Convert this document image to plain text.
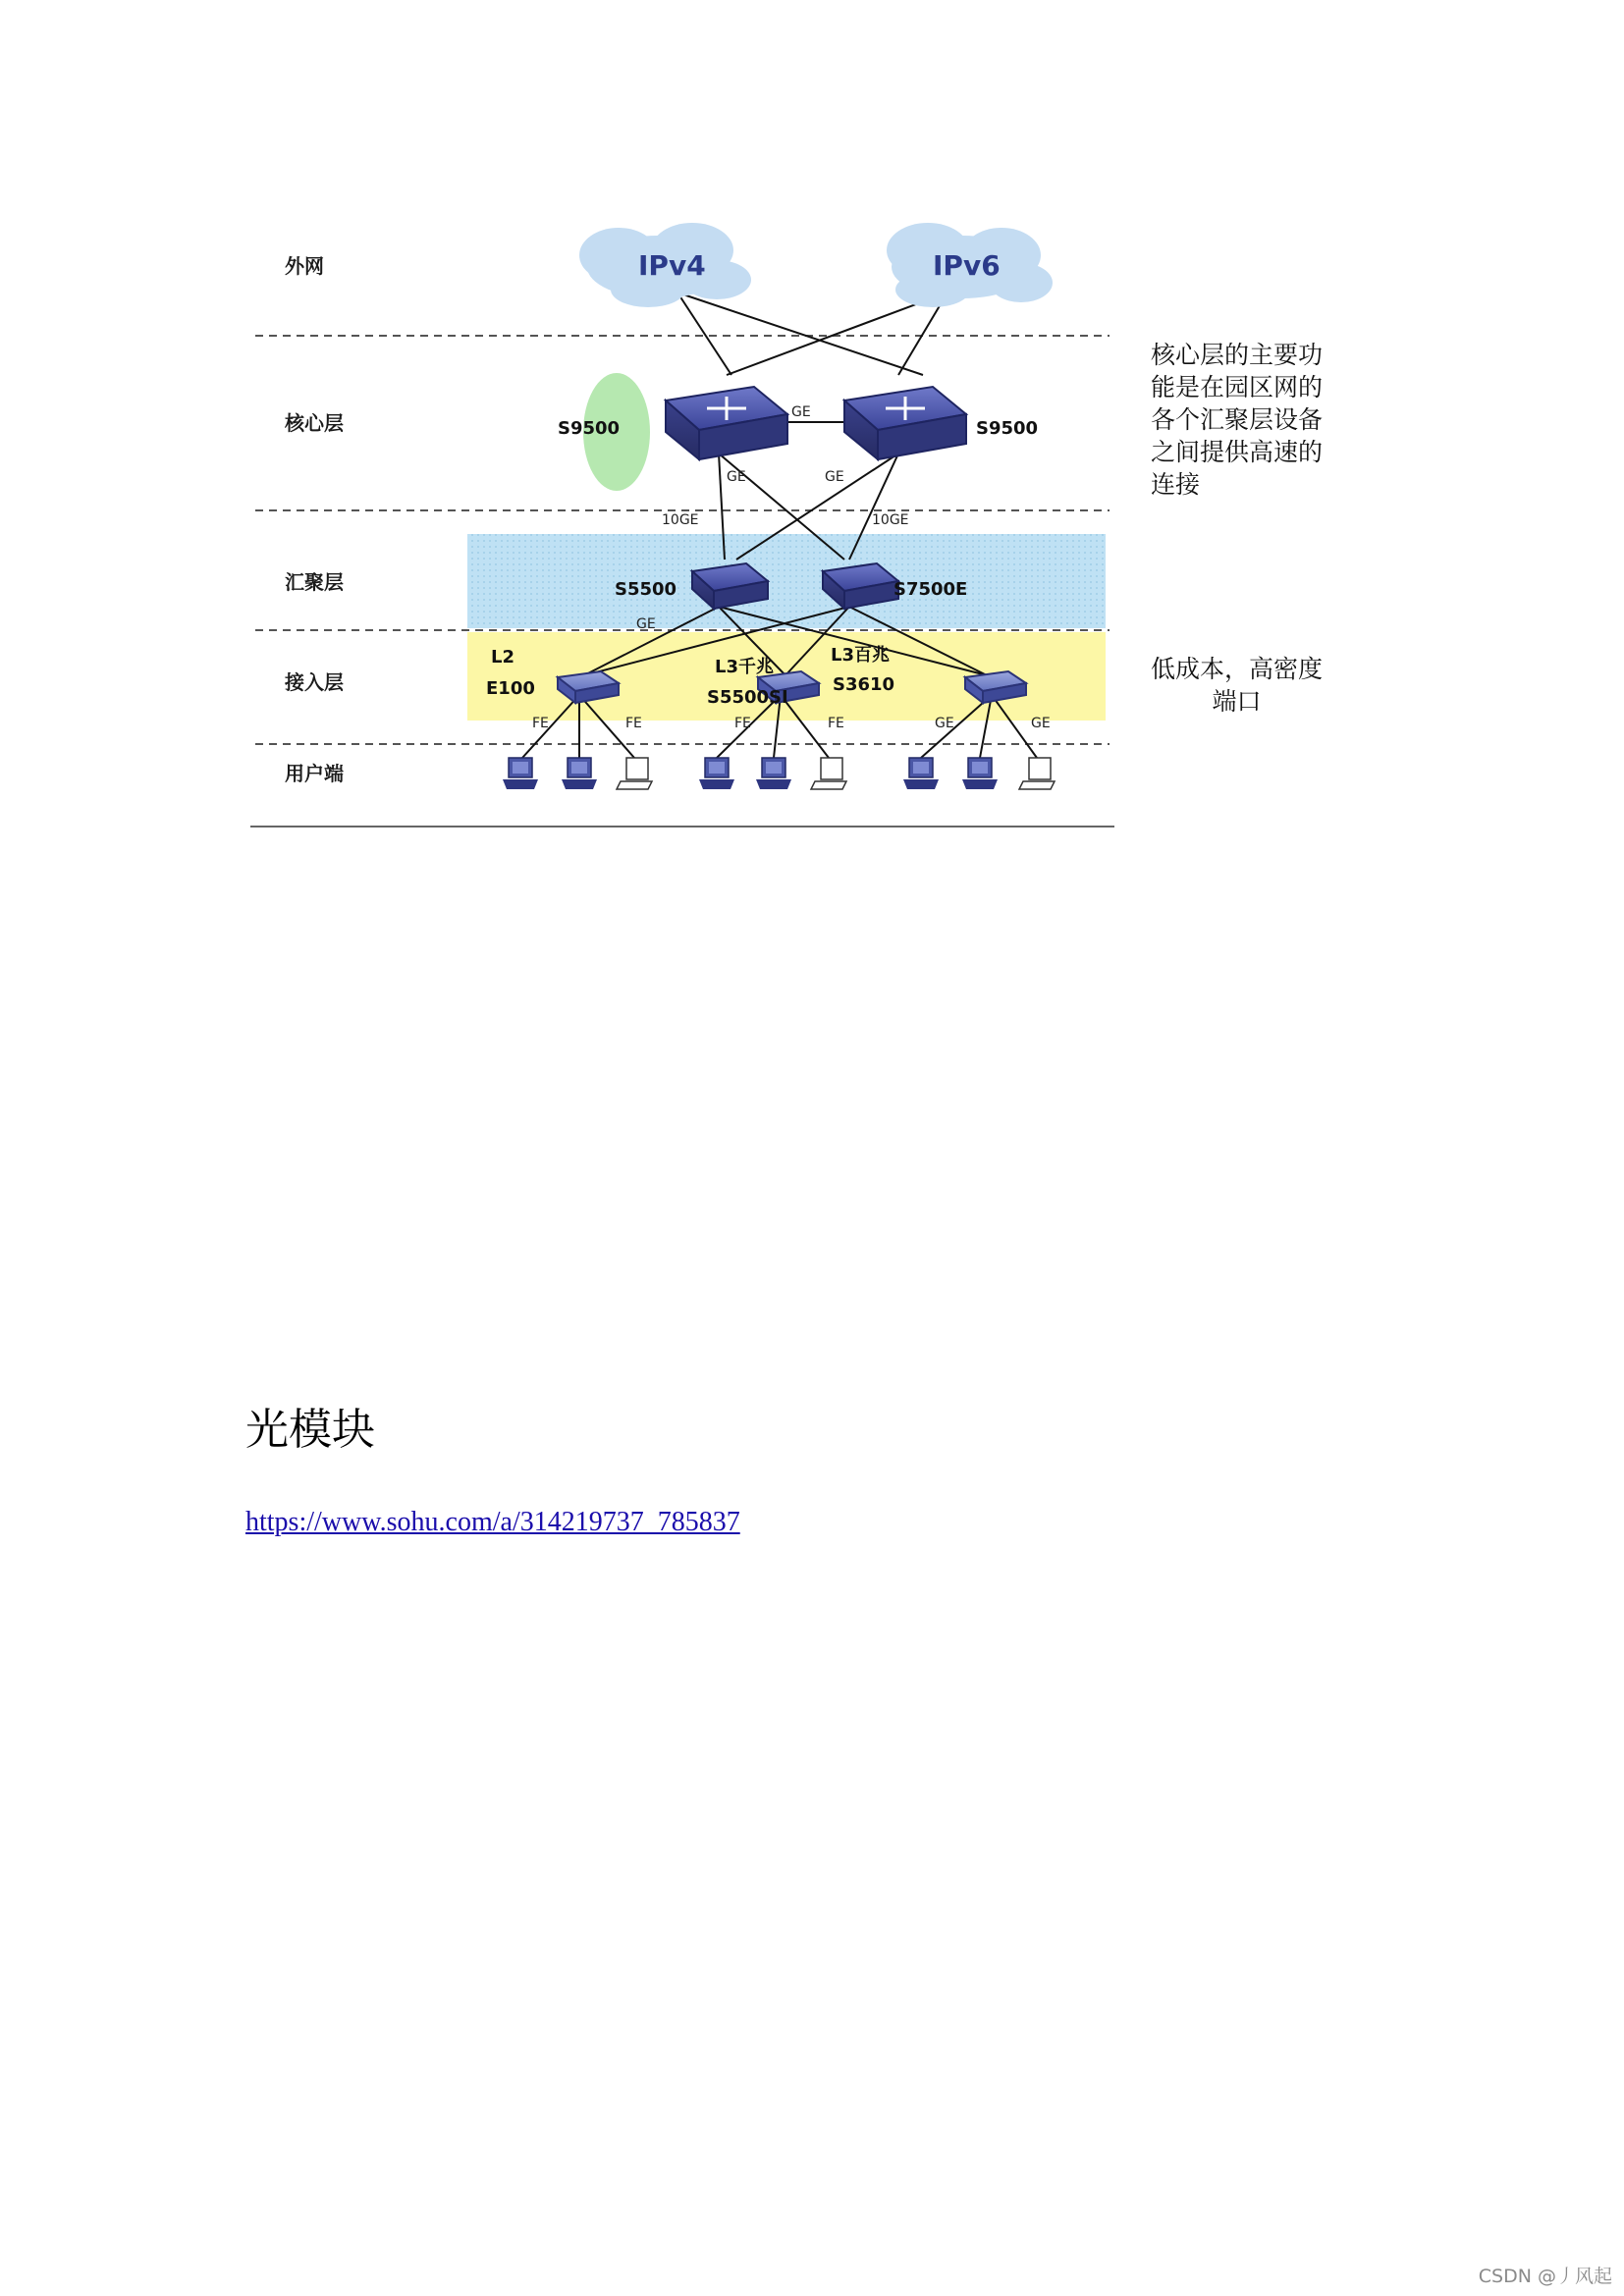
外网
核心层
汇聚层
接入层
用户端
IPv4	IPv6
S9500	S9500
S5500	S7500E
L2
E100
L3千兆
S5500SI
L3百兆
S3610
GE
GE	GE
10GE	10GE
GE
FE	FE	FE	FE	GE	GE
核心层的主要功能是在园区网的各个汇聚层设备之间提供高速的连接
低成本，高密度端口
光模块
https://www.sohu.com/a/314219737_785837
CSDN @丿风起
